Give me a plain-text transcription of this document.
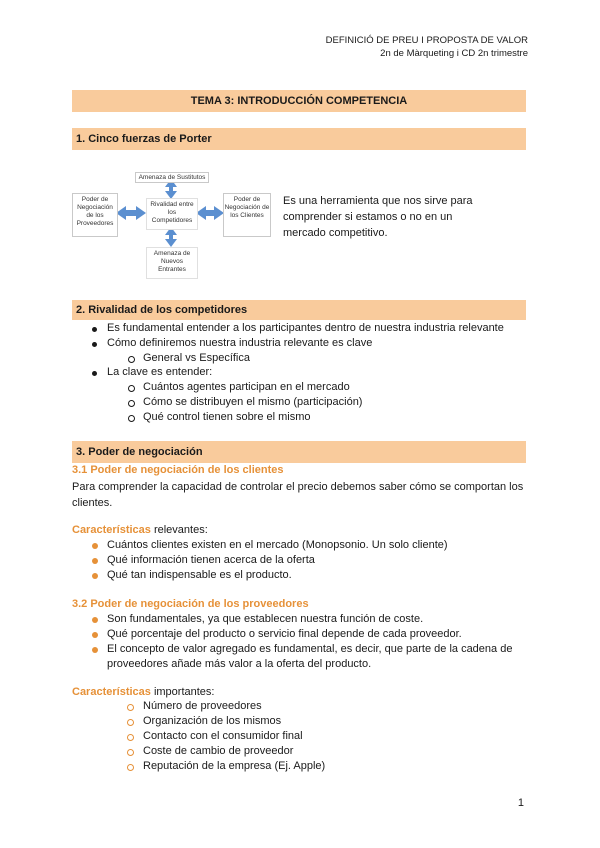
DEFINICIÓ DE PREU I PROPOSTA DE VALOR
2n de Màrqueting i CD 2n trimestre
TEMA 3: INTRODUCCIÓN COMPETENCIA
1. Cinco fuerzas de Porter
Amenaza de Sustitutos
Poder de Negociación de los Proveedores
Rivalidad entre los Competidores
Poder de Negociación de los Clientes
Amenaza de Nuevos Entrantes
Es una herramienta que nos sirve para comprender si estamos o no en un mercado competitivo.
2. Rivalidad de los competidores
Es fundamental entender a los participantes dentro de nuestra industria relevante
Cómo definiremos nuestra industria relevante es clave
General vs Específica
La clave es entender:
Cuántos agentes participan en el mercado
Cómo se distribuyen el mismo (participación)
Qué control tienen sobre el mismo
3. Poder de negociación
3.1 Poder de negociación de los clientes
Para comprender la capacidad de controlar el precio debemos saber cómo se comportan los clientes.
Características relevantes:
Cuántos clientes existen en el mercado (Monopsonio. Un solo cliente)
Qué información tienen acerca de la oferta
Qué tan indispensable es el producto.
3.2 Poder de negociación de los proveedores
Son fundamentales, ya que establecen nuestra función de coste.
Qué porcentaje del producto o servicio final depende de cada proveedor.
El concepto de valor agregado es fundamental, es decir, que parte de la cadena de
proveedores añade más valor a la oferta del producto.
Características importantes:
Número de proveedores
Organización de los mismos
Contacto con el consumidor final
Coste de cambio de proveedor
Reputación de la empresa (Ej. Apple)
1
